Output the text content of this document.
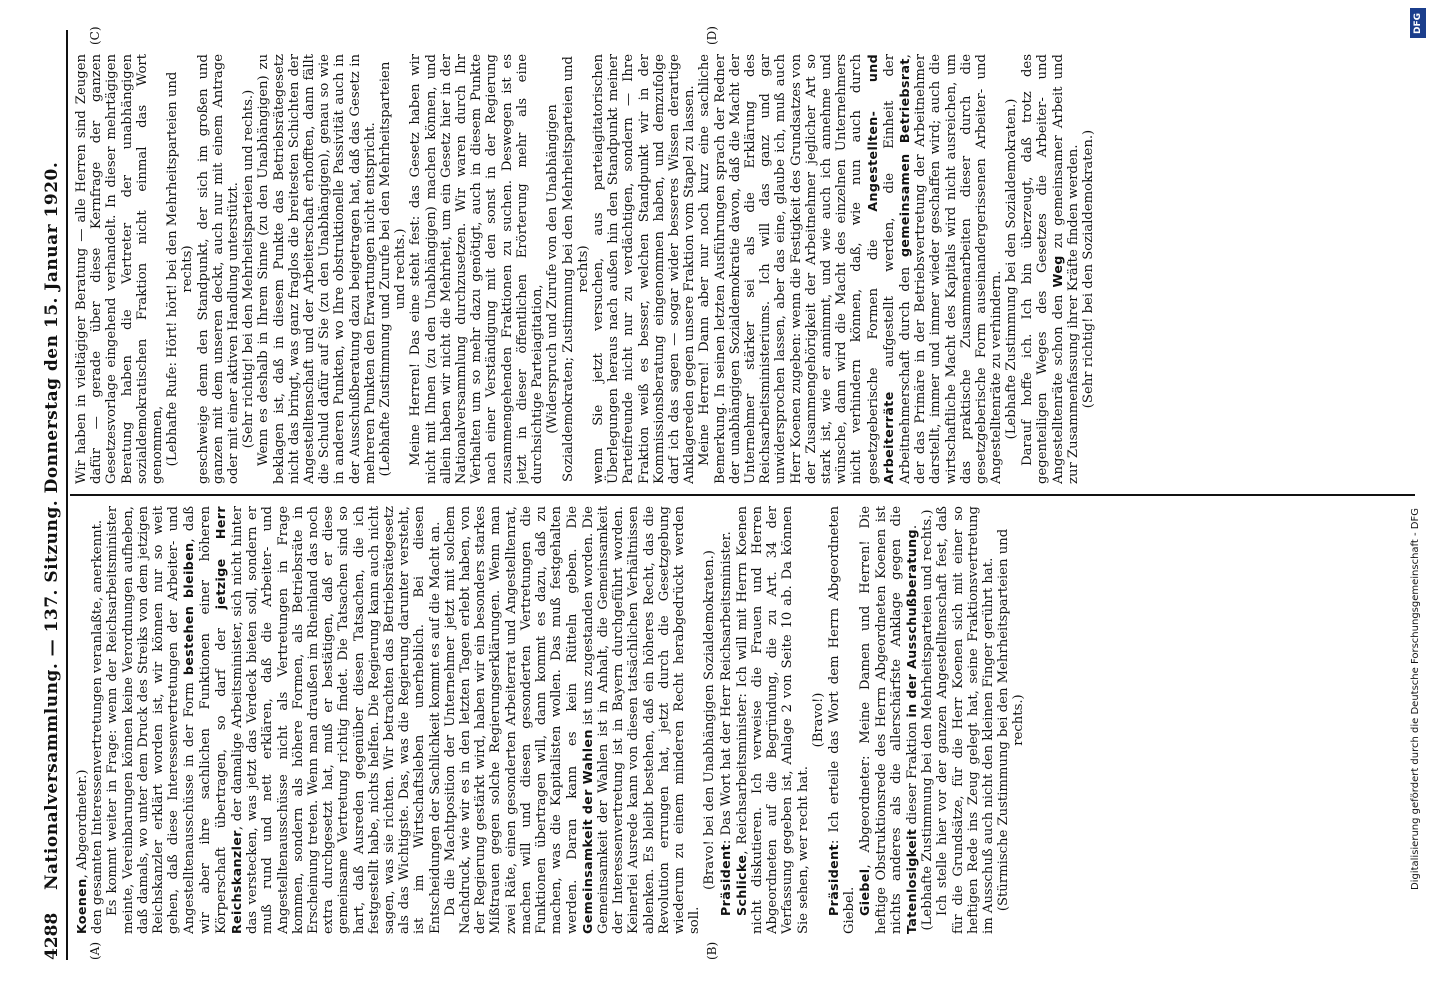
4288
Nationalversammlung. — 137. Sitzung. Donnerstag den 15. Januar 1920.
(A)	(B)
(C)	(D)

Koenen, Abgeordneter.) den gesamten Interessenvertretungen veranlaßte, anerkennt. Es kommt weiter in Frage: wenn der Reichsarbeitsminister meinte, Vereinbarungen können keine Verordnungen aufheben, daß damals, wo unter dem Druck des Streiks von dem jetzigen Reichskanzler erklärt worden ist, wir können nur so weit gehen, daß diese Interessenvertretungen der Arbeiter- und Angestelltenausschüsse in der Form bestehen bleiben, daß wir aber ihre sachlichen Funktionen einer höheren Körperschaft übertragen, so darf der jetzige Herr Reichskanzler, der damalige Arbeitsminister, sich nicht hinter das verstecken, was jetzt das Verdeck bieten soll, sondern er muß rund und nett erklären, daß die Arbeiter- und Angestelltenausschüsse nicht als Vertretungen in Frage kommen, sondern als höhere Formen, als Betriebsräte in Erscheinung treten. Wenn man draußen im Rheinland das noch extra durchgesetzt hat, muß er bestätigen, daß er diese gemeinsame Vertretung richtig findet. Die Tatsachen sind so hart, daß Ausreden gegenüber diesen Tatsachen, die ich festgestellt habe, nichts helfen. Die Regierung kann auch nicht sagen, was sie richten. Wir betrachten das Betriebsrätegesetz als das Wichtigste. Das, was die Regierung darunter versteht, ist im Wirtschaftsleben unerheblich. Bei diesen Entscheidungen der Sachlichkeit kommt es auf die Macht an. Da die Machtposition der Unternehmer jetzt mit solchem Nachdruck, wie wir es in den letzten Tagen erlebt haben, von der Regierung gestärkt wird, haben wir ein besonders starkes Mißtrauen gegen solche Regierungserklärungen. Wenn man zwei Räte, einen gesonderten Arbeiterrat und Angestelltenrat, machen will und diesen gesonderten Vertretungen die Funktionen übertragen will, dann kommt es dazu, daß zu machen, was die Kapitalisten wollen. Das muß festgehalten werden. Daran kann es kein Rütteln geben. Die Gemeinsamkeit der Wahlen ist uns zugestanden worden. Die Gemeinsamkeit der Wahlen ist in Anhalt, die Gemeinsamkeit der Interessenvertretung ist in Bayern durchgeführt worden. Keinerlei Ausrede kann von diesen tatsächlichen Verhältnissen ablenken. Es bleibt bestehen, daß ein höheres Recht, das die Revolution errungen hat, jetzt durch die Gesetzgebung wiederum zu einem minderen Recht herabgedrückt werden soll.

(Bravo! bei den Unabhängigen Sozialdemokraten.) Präsident: Das Wort hat der Herr Reichsarbeitsminister.

Schlicke, Reichsarbeitsminister: Ich will mit Herrn Koenen nicht diskutieren. Ich verweise die Frauen und Herren Abgeordneten auf die Begründung, die zu Art. 34 der Verfassung gegeben ist, Anlage 2 von Seite 10 ab. Da können Sie sehen, wer recht hat.

(Bravo!)

Präsident: Ich erteile das Wort dem Herrn Abgeordneten Giebel. Giebel, Abgeordneter: Meine Damen und Herren! Die heftige Obstruktionsrede des Herrn Abgeordneten Koenen ist nichts anderes als die allerschärfste Anklage gegen die Tatenlosigkeit dieser Fraktion in der Ausschußberatung. (Lebhafte Zustimmung bei den Mehrheitsparteien und rechts.) Ich stelle hier vor der ganzen Angestelltenschaft fest, daß für die Grundsätze, für die Herr Koenen sich mit einer so heftigen Rede ins Zeug gelegt hat, seine Fraktionsvertretung im Ausschuß auch nicht den kleinen Finger gerührt hat. (Stürmische Zustimmung bei den Mehrheitsparteien und rechts.)

Wir haben in vieltägiger Beratung — alle Herren sind Zeugen dafür — gerade über diese Kernfrage der ganzen Gesetzesvorlage eingehend verhandelt. In dieser mehrtägigen Beratung haben die Vertreter der unabhängigen sozialdemokratischen Fraktion nicht einmal das Wort genommen, (Lebhafte Rufe: Hört! hört! bei den Mehrheitsparteien und rechts) geschweige denn den Standpunkt, der sich im großen und ganzen mit dem unseren deckt, auch nur mit einem Antrage oder mit einer aktiven Handlung unterstützt. (Sehr richtig! bei den Mehrheitsparteien und rechts.) Wenn es deshalb in Ihrem Sinne (zu den Unabhängigen) zu beklagen ist, daß in diesem Punkte das Betriebsrätegesetz nicht das bringt, was ganz fraglos die breitesten Schichten der Angestelltenschaft und der Arbeiterschaft erhofften, dann fällt die Schuld dafür auf Sie (zu den Unabhängigen), genau so wie in anderen Punkten, wo Ihre obstruktionelle Passivität auch in der Ausschußberatung dazu beigetragen hat, daß das Gesetz in mehreren Punkten den Erwartungen nicht entspricht. (Lebhafte Zustimmung und Zurufe bei den Mehrheitsparteien und rechts.) Meine Herren! Das eine steht fest: das Gesetz haben wir nicht mit Ihnen (zu den Unabhängigen) machen können, und allein haben wir nicht die Mehrheit, um ein Gesetz hier in der Nationalversammlung durchzusetzen. Wir waren durch Ihr Verhalten um so mehr dazu genötigt, auch in diesem Punkte nach einer Verständigung mit den sonst in der Regierung zusammengehenden Fraktionen zu suchen. Deswegen ist es jetzt in dieser öffentlichen Erörterung mehr als eine durchsichtige Parteiagitation, (Widerspruch und Zurufe von den Unabhängigen Sozialdemokraten; Zustimmung bei den Mehrheitsparteien und rechts) wenn Sie jetzt versuchen, aus parteiagitatorischen Überlegungen heraus nach außen hin den Standpunkt meiner Parteifreunde nicht nur zu verdächtigen, sondern — Ihre Fraktion weiß es besser, welchen Standpunkt wir in der Kommissionsberatung eingenommen haben, und demzufolge darf ich das sagen — sogar wider besseres Wissen derartige Anklagereden gegen unsere Fraktion vom Stapel zu lassen. Meine Herren! Dann aber nur noch kurz eine sachliche Bemerkung. In seinen letzten Ausführungen sprach der Redner der unabhängigen Sozialdemokratie davon, daß die Macht der Unternehmer stärker sei als die Erklärung des Reichsarbeitsministeriums. Ich will das ganz und gar unwidersprochen lassen, aber das eine, glaube ich, muß auch Herr Koenen zugeben: wenn die Festigkeit des Grundsatzes von der Zusammengehörigkeit der Arbeitnehmer jeglicher Art so stark ist, wie er annimmt, und wie auch ich annehme und wünsche, dann wird die Macht des einzelnen Unternehmers nicht verhindern können, daß, wie nun auch durch gesetzgeberische Formen die Angestellten- und Arbeiterräte aufgestellt werden, die Einheit der Arbeitnehmerschaft durch den gemeinsamen Betriebsrat, der das Primäre in der Betriebsvertretung der Arbeitnehmer darstellt, immer und immer wieder geschaffen wird; auch die wirtschaftliche Macht des Kapitals wird nicht ausreichen, um das praktische Zusammenarbeiten dieser durch die gesetzgeberische Form auseinandergerissenen Arbeiter- und Angestelltenräte zu verhindern. (Lebhafte Zustimmung bei den Sozialdemokraten.) Darauf hoffe ich. Ich bin überzeugt, daß trotz des gegenteiligen Weges des Gesetzes die Arbeiter- und Angestelltenräte schon den Weg zu gemeinsamer Arbeit und zur Zusammenfassung ihrer Kräfte finden werden. (Sehr richtig! bei den Sozialdemokraten.)

DFG
Digitalisierung gefördert durch die Deutsche Forschungsgemeinschaft - DFG
